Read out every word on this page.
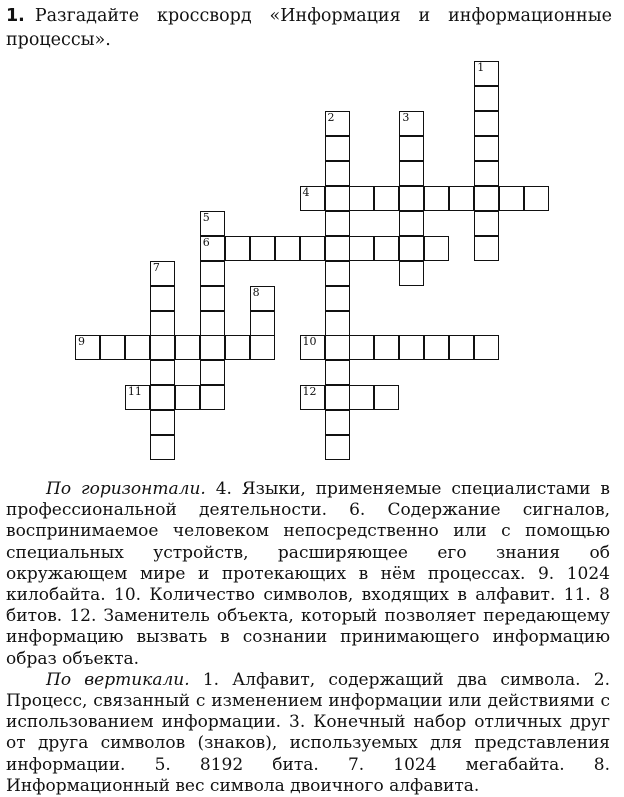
1. Разгадайте кроссворд «Информация и информационные процессы».
1
2	3
4
5
6
7
8
9	10
11	12

По горизонтали. 4. Языки, применяемые специалистами в профессиональной деятельности. 6. Содержание сигналов, воспринимаемое человеком непосредственно или с помощью специальных устройств, расширяющее его знания об окружающем мире и протекающих в нём процессах. 9. 1024 килобайта. 10. Количество символов, входящих в алфавит. 11. 8 битов. 12. Заменитель объекта, который позволяет передающему информацию вызвать в сознании принимающего информацию образ объекта.

По вертикали. 1. Алфавит, содержащий два символа. 2. Процесс, связанный с изменением информации или действиями с использованием информации. 3. Конечный набор отличных друг от друга символов (знаков), используемых для представления информации. 5. 8192 бита. 7. 1024 мегабайта. 8. Информационный вес символа двоичного алфавита.
